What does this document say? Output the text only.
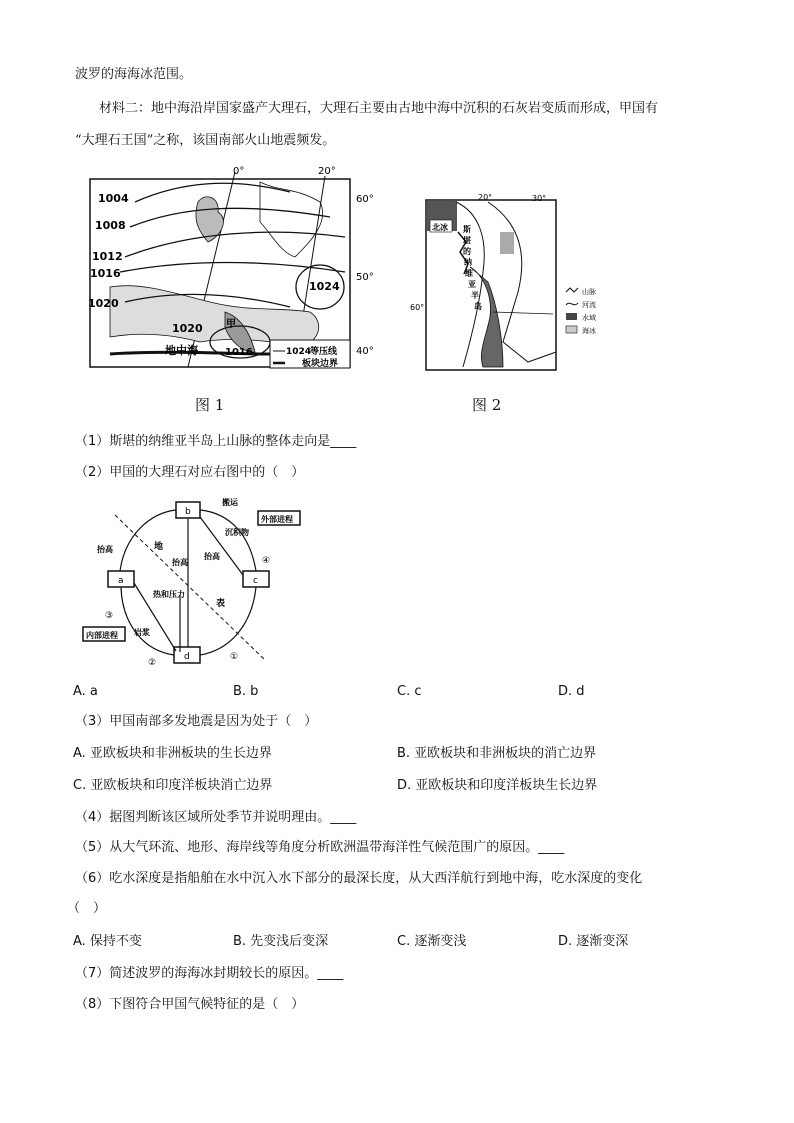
波罗的海海冰范围。
材料二：地中海沿岸国家盛产大理石，大理石主要由古地中海中沉积的石灰岩变质而形成，甲国有
“大理石王国”之称，该国南部火山地震频发。
1024
等压线
板块边界
0°	20°
60°
50°
40°
1004
1008
1012
1016
1020
1024
1020
1016
地中海
甲
图 1
20°	30°
60°
北冰 斯
堪
的
纳
维
亚
半
岛
山脉
河流
水域
海冰
图 2
（1）斯堪的纳维亚半岛上山脉的整体走向是____
（2）甲国的大理石对应右图中的（　）
b
a	c
d
外部进程
内部进程
搬运
沉积物
抬高
抬高
抬高
热和压力
岩浆
地
表
④
③
②
①
A. a	B. b	C. c	D. d
（3）甲国南部多发地震是因为处于（　）
A. 亚欧板块和非洲板块的生长边界	B. 亚欧板块和非洲板块的消亡边界
C. 亚欧板块和印度洋板块消亡边界	D. 亚欧板块和印度洋板块生长边界
（4）据图判断该区域所处季节并说明理由。____
（5）从大气环流、地形、海岸线等角度分析欧洲温带海洋性气候范围广的原因。____
（6）吃水深度是指船舶在水中沉入水下部分的最深长度，从大西洋航行到地中海，吃水深度的变化
（　）
A. 保持不变	B. 先变浅后变深	C. 逐渐变浅	D. 逐渐变深
（7）简述波罗的海海冰封期较长的原因。____
（8）下图符合甲国气候特征的是（　）
